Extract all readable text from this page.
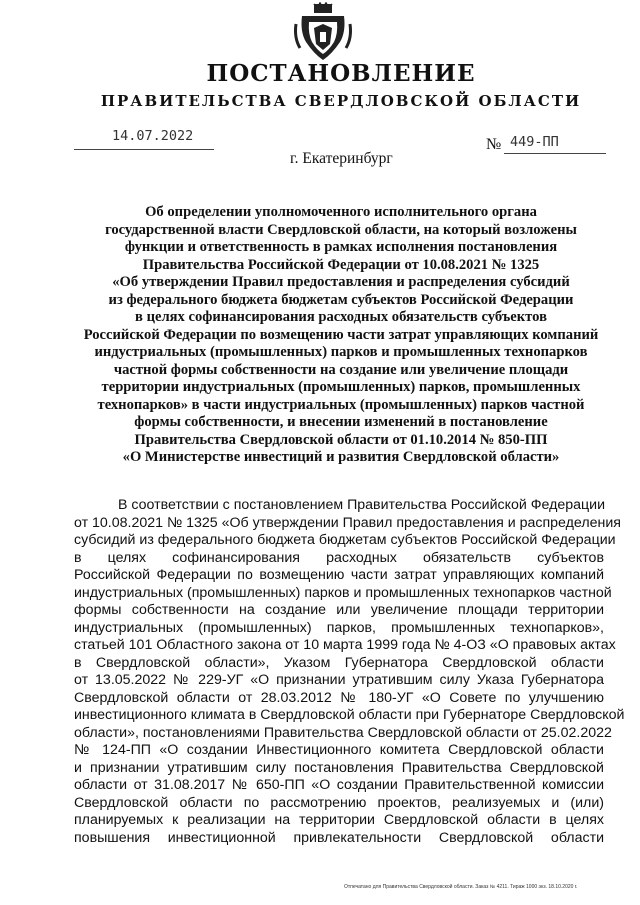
ПОСТАНОВЛЕНИЕ
ПРАВИТЕЛЬСТВА СВЕРДЛОВСКОЙ ОБЛАСТИ
14.07.2022	№ 449-ПП
г. Екатеринбург
Об определении уполномоченного исполнительного органа
государственной власти Свердловской области, на который возложены
функции и ответственность в рамках исполнения постановления
Правительства Российской Федерации от 10.08.2021 № 1325
«Об утверждении Правил предоставления и распределения субсидий
из федерального бюджета бюджетам субъектов Российской Федерации
в целях софинансирования расходных обязательств субъектов
Российской Федерации по возмещению части затрат управляющих компаний
индустриальных (промышленных) парков и промышленных технопарков
частной формы собственности на создание или увеличение площади
территории индустриальных (промышленных) парков, промышленных
технопарков» в части индустриальных (промышленных) парков частной
формы собственности, и внесении изменений в постановление
Правительства Свердловской области от 01.10.2014 № 850-ПП
«О Министерстве инвестиций и развития Свердловской области»
В соответствии с постановлением Правительства Российской Федерации
от 10.08.2021 № 1325 «Об утверждении Правил предоставления и распределения
субсидий из федерального бюджета бюджетам субъектов Российской Федерации
в целях софинансирования расходных обязательств субъектов
Российской Федерации по возмещению части затрат управляющих компаний
индустриальных (промышленных) парков и промышленных технопарков частной
формы собственности на создание или увеличение площади территории
индустриальных (промышленных) парков, промышленных технопарков»,
статьей 101 Областного закона от 10 марта 1999 года № 4-ОЗ «О правовых актах
в Свердловской области», Указом Губернатора Свердловской области
от 13.05.2022 № 229-УГ «О признании утратившим силу Указа Губернатора
Свердловской области от 28.03.2012 № 180-УГ «О Совете по улучшению
инвестиционного климата в Свердловской области при Губернаторе Свердловской
области», постановлениями Правительства Свердловской области от 25.02.2022
№ 124-ПП «О создании Инвестиционного комитета Свердловской области
и признании утратившим силу постановления Правительства Свердловской
области от 31.08.2017 № 650-ПП «О создании Правительственной комиссии
Свердловской области по рассмотрению проектов, реализуемых и (или)
планируемых к реализации на территории Свердловской области в целях
повышения инвестиционной привлекательности Свердловской области
Отпечатано для Правительства Свердловской области. Заказ № 4211. Тираж 1000 экз. 18.10.2020 г.
